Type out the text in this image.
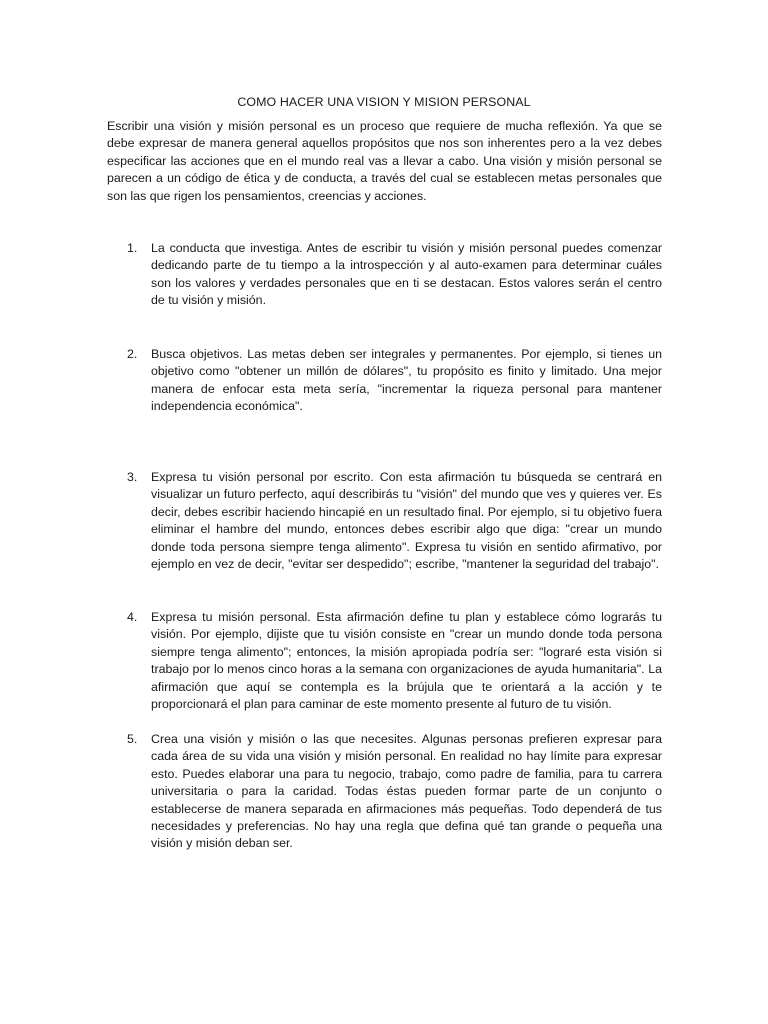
COMO HACER UNA VISION Y MISION PERSONAL

Escribir una visión y misión personal es un proceso que requiere de mucha reflexión. Ya que se debe expresar de manera general aquellos propósitos que nos son inherentes pero a la vez debes especificar las acciones que en el mundo real vas a llevar a cabo. Una visión y misión personal se parecen a un código de ética y de conducta, a través del cual se establecen metas personales que son las que rigen los pensamientos, creencias y acciones.

1. La conducta que investiga. Antes de escribir tu visión y misión personal puedes comenzar dedicando parte de tu tiempo a la introspección y al auto-examen para determinar cuáles son los valores y verdades personales que en ti se destacan. Estos valores serán el centro de tu visión y misión.

2. Busca objetivos. Las metas deben ser integrales y permanentes. Por ejemplo, si tienes un objetivo como "obtener un millón de dólares", tu propósito es finito y limitado. Una mejor manera de enfocar esta meta sería, "incrementar la riqueza personal para mantener independencia económica".

3. Expresa tu visión personal por escrito. Con esta afirmación tu búsqueda se centrará en visualizar un futuro perfecto, aquí describirás tu "visión" del mundo que ves y quieres ver. Es decir, debes escribir haciendo hincapié en un resultado final. Por ejemplo, si tu objetivo fuera eliminar el hambre del mundo, entonces debes escribir algo que diga: "crear un mundo donde toda persona siempre tenga alimento". Expresa tu visión en sentido afirmativo, por ejemplo en vez de decir, "evitar ser despedido"; escribe, "mantener la seguridad del trabajo".

4. Expresa tu misión personal. Esta afirmación define tu plan y establece cómo lograrás tu visión. Por ejemplo, dijiste que tu visión consiste en "crear un mundo donde toda persona siempre tenga alimento"; entonces, la misión apropiada podría ser: "lograré esta visión si trabajo por lo menos cinco horas a la semana con organizaciones de ayuda humanitaria". La afirmación que aquí se contempla es la brújula que te orientará a la acción y te proporcionará el plan para caminar de este momento presente al futuro de tu visión.

5. Crea una visión y misión o las que necesites. Algunas personas prefieren expresar para cada área de su vida una visión y misión personal. En realidad no hay límite para expresar esto. Puedes elaborar una para tu negocio, trabajo, como padre de familia, para tu carrera universitaria o para la caridad. Todas éstas pueden formar parte de un conjunto o establecerse de manera separada en afirmaciones más pequeñas. Todo dependerá de tus necesidades y preferencias. No hay una regla que defina qué tan grande o pequeña una visión y misión deban ser.
